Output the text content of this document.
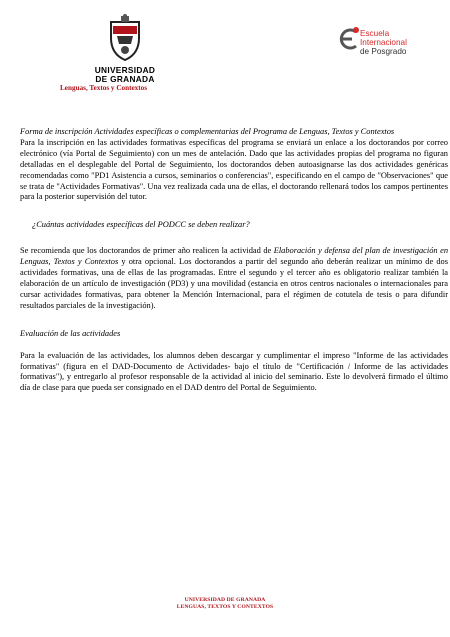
UNIVERSIDAD
DE GRANADA
Lenguas, Textos y Contextos
Escuela
Internacional
de Posgrado

Forma de inscripción Actividades específicas o complementarias del Programa de Lenguas, Textos y Contextos

Para la inscripción en las actividades formativas específicas del programa se enviará un enlace a los doctorandos por correo electrónico (vía Portal de Seguimiento) con un mes de antelación. Dado que las actividades propias del programa no figuran detalladas en el desplegable del Portal de Seguimiento, los doctorandos deben autoasignarse las dos actividades genéricas recomendadas como "PD1 Asistencia a cursos, seminarios o conferencias", especificando en el campo de "Observaciones" que se trata de "Actividades Formativas". Una vez realizada cada una de ellas, el doctorando rellenará todos los campos pertinentes para la posterior supervisión del tutor.

¿Cuántas actividades específicas del PODCC se deben realizar?

Se recomienda que los doctorandos de primer año realicen la actividad de Elaboración y defensa del plan de investigación en Lenguas, Textos y Contextos y otra opcional. Los doctorandos a partir del segundo año deberán realizar un mínimo de dos actividades formativas, una de ellas de las programadas. Entre el segundo y el tercer año es obligatorio realizar también la elaboración de un artículo de investigación (PD3) y una movilidad (estancia en otros centros nacionales o internacionales para cursar actividades formativas, para obtener la Mención Internacional, para el régimen de cotutela de tesis o para difundir resultados parciales de la investigación).

Evaluación de las actividades

Para la evaluación de las actividades, los alumnos deben descargar y cumplimentar el impreso "Informe de las actividades formativas" (figura en el DAD-Documento de Actividades- bajo el título de "Certificación / Informe de las actividades formativas"), y entregarlo al profesor responsable de la actividad al inicio del seminario. Este lo devolverá firmado el último día de clase para que pueda ser consignado en el DAD dentro del Portal de Seguimiento.

UNIVERSIDAD DE GRANADA
LENGUAS, TEXTOS Y CONTEXTOS
